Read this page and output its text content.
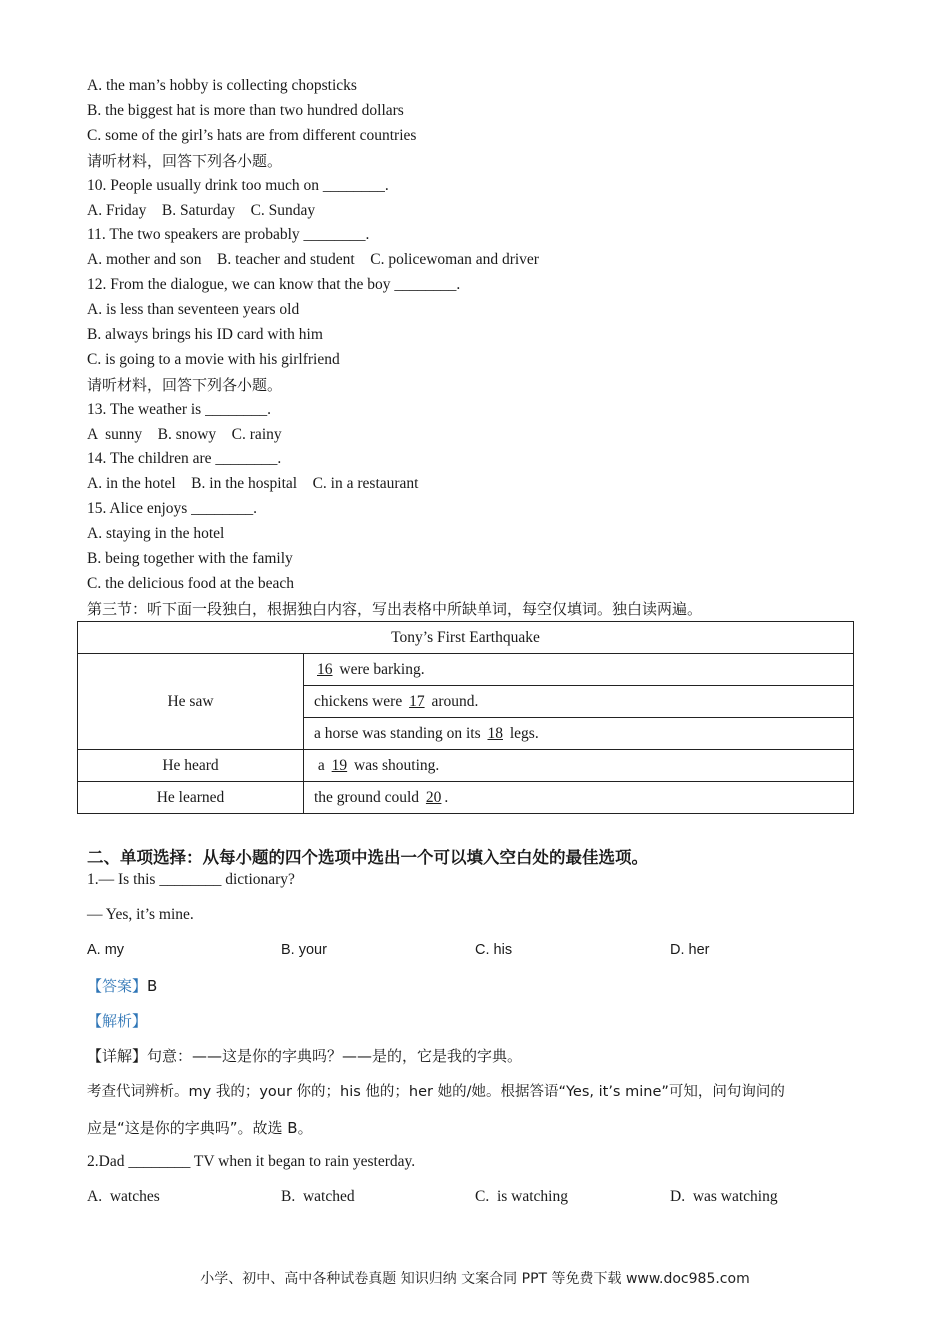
A. the man’s hobby is collecting chopsticks
B. the biggest hat is more than two hundred dollars
C. some of the girl’s hats are from different countries
请听材料，回答下列各小题。
10. People usually drink too much on ________.
A. Friday    B. Saturday    C. Sunday
11. The two speakers are probably ________.
A. mother and son    B. teacher and student    C. policewoman and driver
12. From the dialogue, we can know that the boy ________.
A. is less than seventeen years old
B. always brings his ID card with him
C. is going to a movie with his girlfriend
请听材料，回答下列各小题。
13. The weather is ________.
A  sunny    B. snowy    C. rainy
14. The children are ________.
A. in the hotel    B. in the hospital    C. in a restaurant
15. Alice enjoys ________.
A. staying in the hotel
B. being together with the family
C. the delicious food at the beach
第三节：听下面一段独白，根据独白内容，写出表格中所缺单词，每空仅填词。独白读两遍。
Tony’s First Earthquake	
He saw	16 were barking.
	chickens were 17 around.
	a horse was standing on its 18 legs.
He heard	a 19 was shouting.
He learned	the ground could 20 .
二、单项选择：从每小题的四个选项中选出一个可以填入空白处的最佳选项。
1.— Is this ________ dictionary?
— Yes, it’s mine.
A. my	B. your	C. his	D. her
【答案】B
【解析】
【详解】句意：——这是你的字典吗？——是的，它是我的字典。
考查代词辨析。my 我的；your 你的；his 他的；her 她的/她。根据答语“Yes, it’s mine”可知，问句询问的
应是“这是你的字典吗”。故选 B。
2.Dad ________ TV when it began to rain yesterday.
A.  watches	B.  watched	C.  is watching	D.  was watching
小学、初中、高中各种试卷真题 知识归纳 文案合同 PPT 等免费下载 www.doc985.com
